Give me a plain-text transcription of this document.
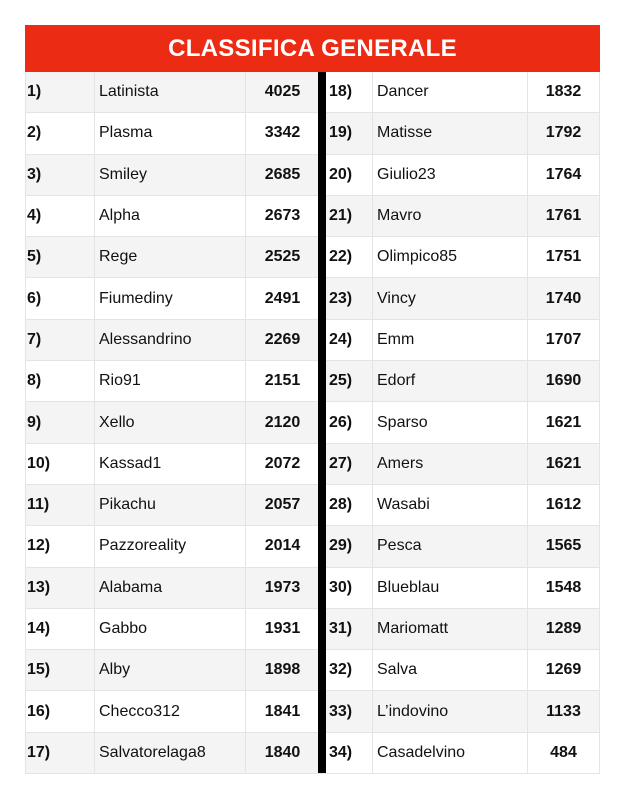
CLASSIFICA GENERALE
1)	Latinista	4025
2)	Plasma	3342
3)	Smiley	2685
4)	Alpha	2673
5)	Rege	2525
6)	Fiumediny	2491
7)	Alessandrino	2269
8)	Rio91	2151
9)	Xello	2120
10)	Kassad1	2072
11)	Pikachu	2057
12)	Pazzoreality	2014
13)	Alabama	1973
14)	Gabbo	1931
15)	Alby	1898
16)	Checco312	1841
17)	Salvatorelaga8	1840
18)	Dancer	1832
19)	Matisse	1792
20)	Giulio23	1764
21)	Mavro	1761
22)	Olimpico85	1751
23)	Vincy	1740
24)	Emm	1707
25)	Edorf	1690
26)	Sparso	1621
27)	Amers	1621
28)	Wasabi	1612
29)	Pesca	1565
30)	Blueblau	1548
31)	Mariomatt	1289
32)	Salva	1269
33)	L’indovino	1133
34)	Casadelvino	484
